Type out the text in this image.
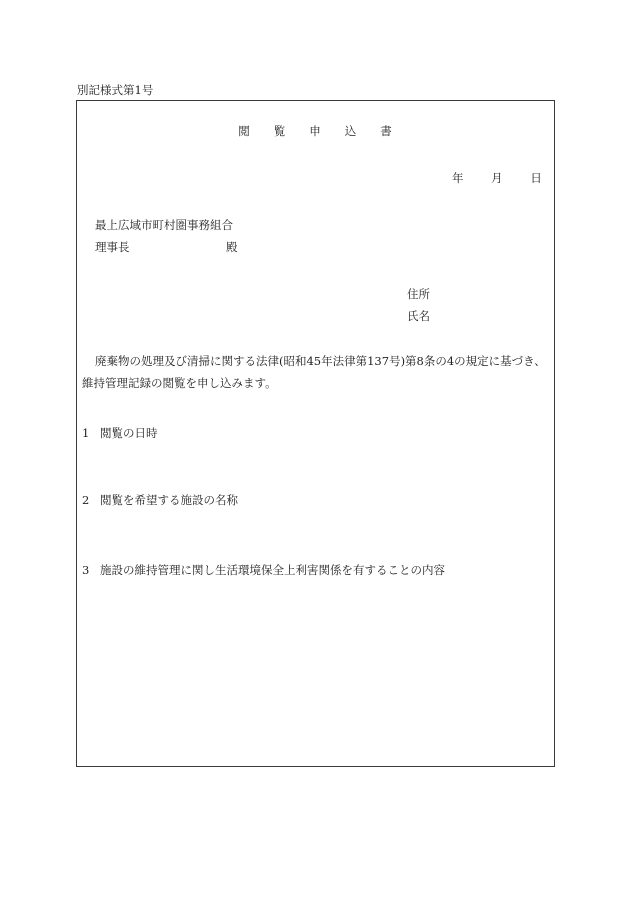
別記様式第1号
閲 覧 申 込 書
年 月 日
最上広域市町村圏事務組合
理事長	殿
住所
氏名
廃棄物の処理及び清掃に関する法律(昭和45年法律第137号)第8条の4の規定に基づき、
維持管理記録の閲覧を申し込みます。
1 閲覧の日時
2 閲覧を希望する施設の名称
3 施設の維持管理に関し生活環境保全上利害関係を有することの内容
